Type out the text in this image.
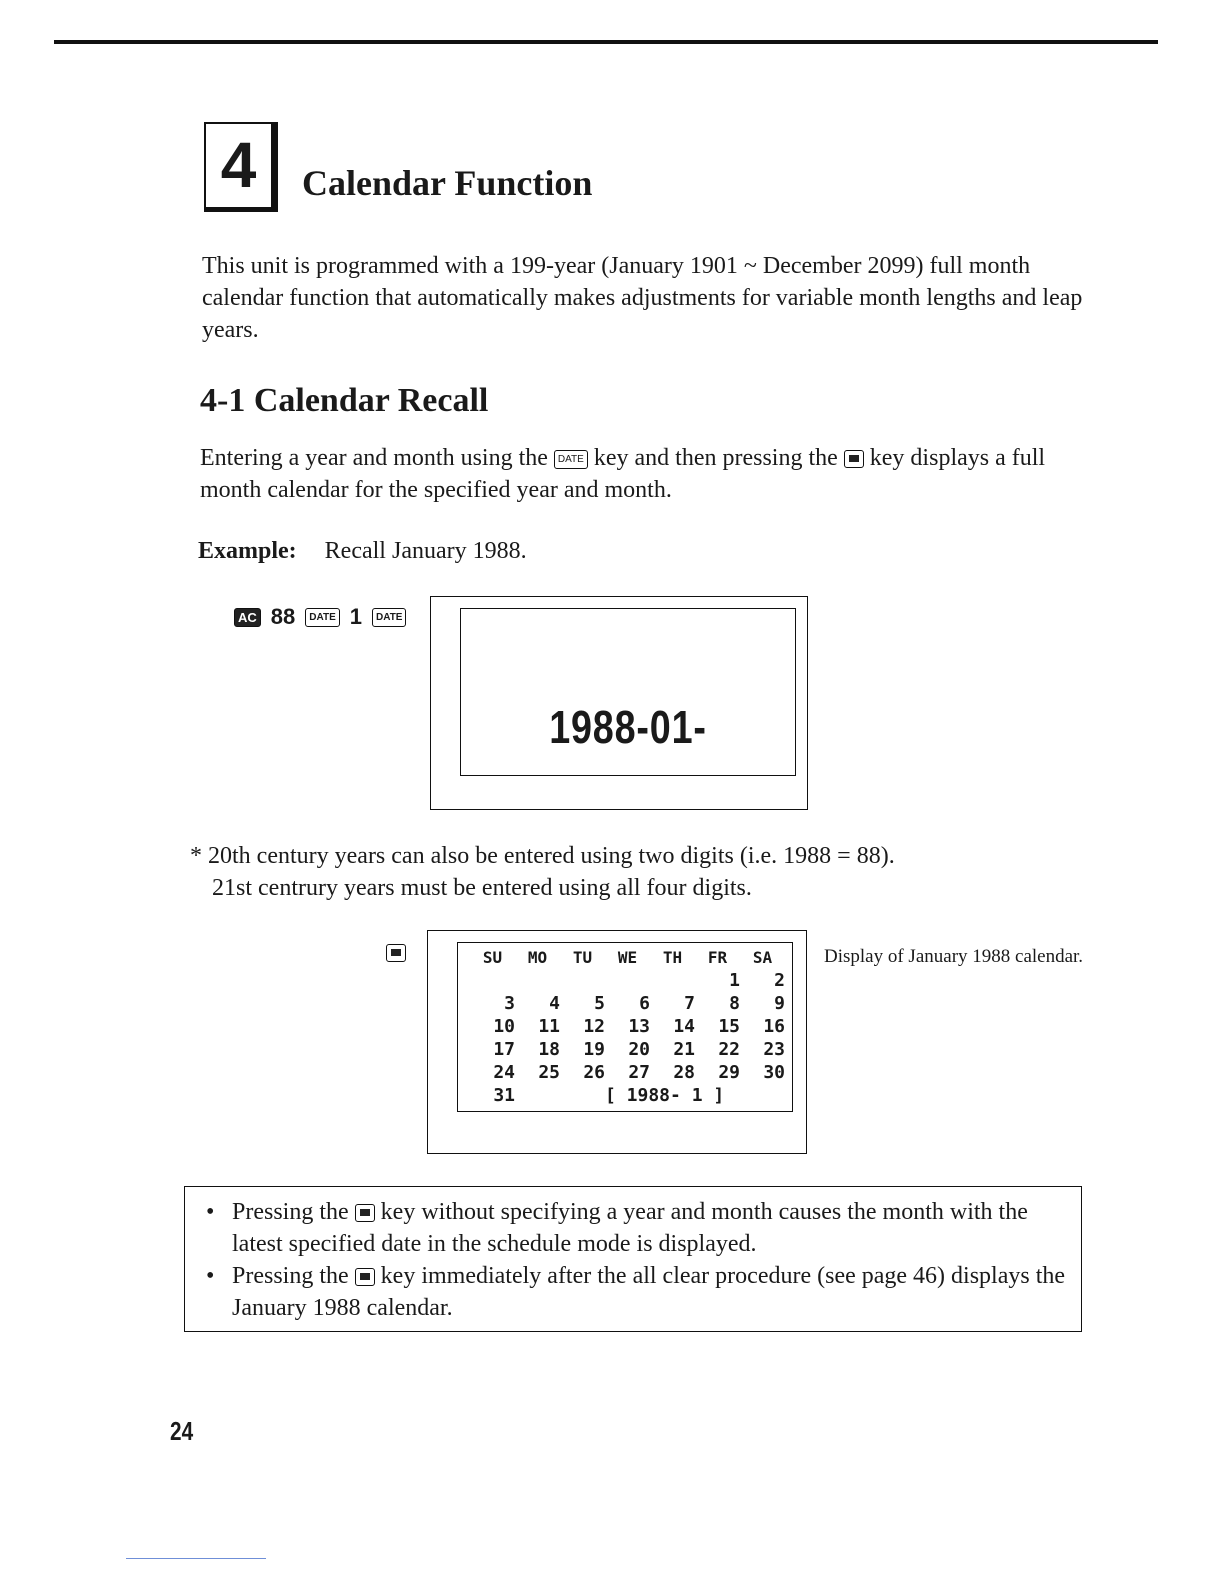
4	Calendar Function
This unit is programmed with a 199-year (January 1901 ~ December 2099) full month calendar function that automatically makes adjustments for variable month lengths and leap years.
4-1 Calendar Recall
Entering a year and month using the DATE key and then pressing the key displays a full month calendar for the specified year and month.
Example: Recall January 1988.
AC 88	DATE 1	DATE
1988-01-
* 20th century years can also be entered using two digits (i.e. 1988 = 88).
21st centrury years must be entered using all four digits.
SU	MO	TU	WE	TH	FR	SA
					1	2
3	4	5	6	7	8	9
10	11	12	13	14	15	16
17	18	19	20	21	22	23
24	25	26	27	28	29	30
31			[ 1988- 1 ]			
Display of January 1988 calendar.
• Pressing the key without specifying a year and month causes the month with the latest specified date in the schedule mode is displayed.
• Pressing the key immediately after the all clear procedure (see page 46) displays the January 1988 calendar.
24
